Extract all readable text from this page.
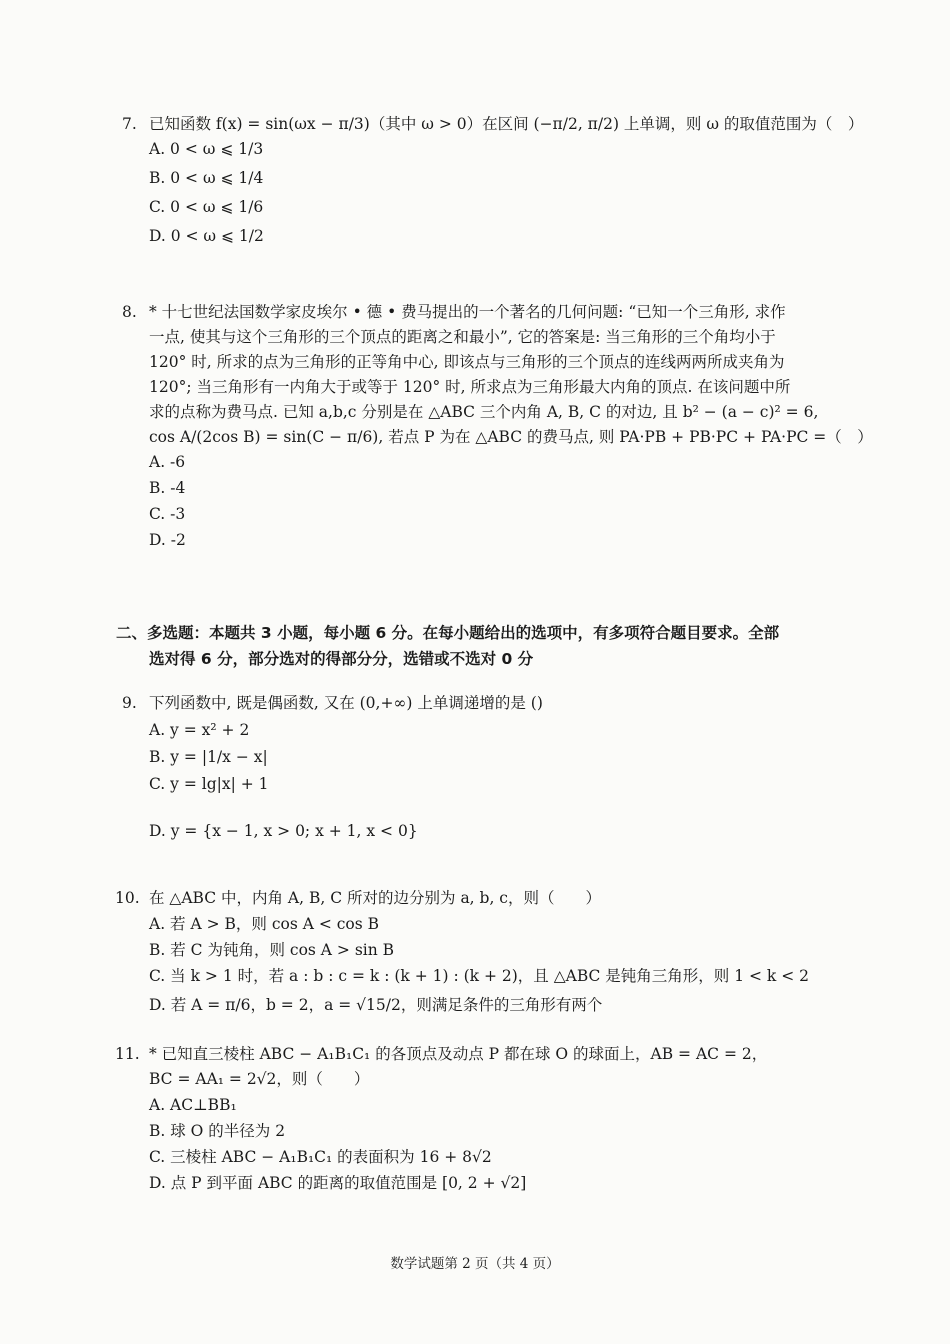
7. 已知函数 f(x) = sin(ωx − π/3)（其中 ω > 0）在区间 (−π/2, π/2) 上单调，则 ω 的取值范围为（　）
A. 0 < ω ⩽ 1/3
B. 0 < ω ⩽ 1/4
C. 0 < ω ⩽ 1/6
D. 0 < ω ⩽ 1/2
8. * 十七世纪法国数学家皮埃尔 • 德 • 费马提出的一个著名的几何问题: “已知一个三角形, 求作
一点, 使其与这个三角形的三个顶点的距离之和最小”, 它的答案是: 当三角形的三个角均小于
120° 时, 所求的点为三角形的正等角中心, 即该点与三角形的三个顶点的连线两两所成夹角为
120°; 当三角形有一内角大于或等于 120° 时, 所求点为三角形最大内角的顶点. 在该问题中所
求的点称为费马点. 已知 a,b,c 分别是在 △ABC 三个内角 A, B, C 的对边, 且 b² − (a − c)² = 6,
cos A/(2cos B) = sin(C − π/6), 若点 P 为在 △ABC 的费马点, 则 PA·PB + PB·PC + PA·PC =（　）
A. -6
B. -4
C. -3
D. -2
二、多选题：本题共 3 小题，每小题 6 分。在每小题给出的选项中，有多项符合题目要求。全部
选对得 6 分，部分选对的得部分分，选错或不选对 0 分
9. 下列函数中, 既是偶函数, 又在 (0,+∞) 上单调递增的是 ()
A. y = x² + 2
B. y = |1/x − x|
C. y = lg|x| + 1
D. y = {x − 1, x > 0; x + 1, x < 0}
10. 在 △ABC 中，内角 A, B, C 所对的边分别为 a, b, c，则（　　）
A. 若 A > B，则 cos A < cos B
B. 若 C 为钝角，则 cos A > sin B
C. 当 k > 1 时，若 a : b : c = k : (k + 1) : (k + 2)，且 △ABC 是钝角三角形，则 1 < k < 2
D. 若 A = π/6，b = 2，a = √15/2，则满足条件的三角形有两个
11. * 已知直三棱柱 ABC − A₁B₁C₁ 的各顶点及动点 P 都在球 O 的球面上，AB = AC = 2，
BC = AA₁ = 2√2，则（　　）
A. AC⊥BB₁
B. 球 O 的半径为 2
C. 三棱柱 ABC − A₁B₁C₁ 的表面积为 16 + 8√2
D. 点 P 到平面 ABC 的距离的取值范围是 [0, 2 + √2]
数学试题第 2 页（共 4 页）
